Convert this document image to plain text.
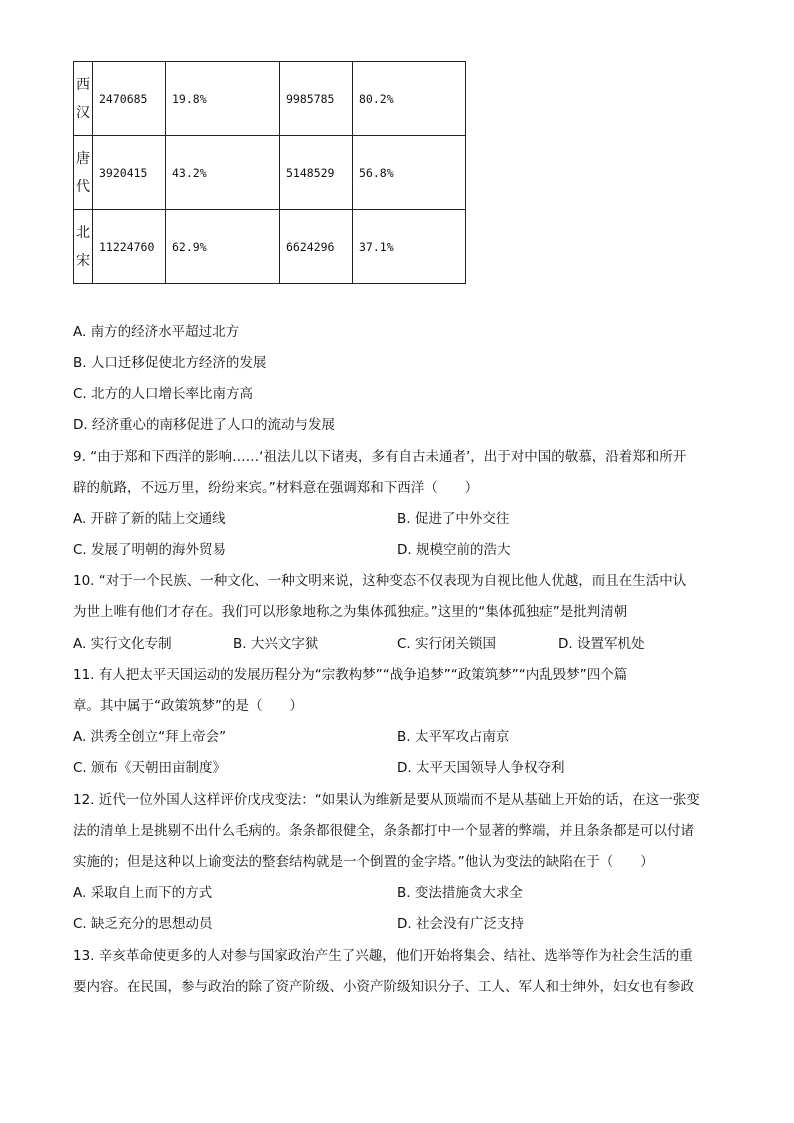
西
汉	2470685	19.8%	9985785	80.2%
唐
代	3920415	43.2%	5148529	56.8%
北
宋	11224760	62.9%	6624296	37.1%
A. 南方的经济水平超过北方
B. 人口迁移促使北方经济的发展
C. 北方的人口增长率比南方高
D. 经济重心的南移促进了人口的流动与发展
9. “由于郑和下西洋的影响……‘祖法儿以下诸夷，多有自古未通者’，出于对中国的敬慕，沿着郑和所开
辟的航路，不远万里，纷纷来宾。”材料意在强调郑和下西洋（　　）
A. 开辟了新的陆上交通线	B. 促进了中外交往
C. 发展了明朝的海外贸易	D. 规模空前的浩大
10. “对于一个民族、一种文化、一种文明来说，这种变态不仅表现为自视比他人优越，而且在生活中认
为世上唯有他们才存在。我们可以形象地称之为集体孤独症。”这里的“集体孤独症”是批判清朝
A. 实行文化专制	B. 大兴文字狱	C. 实行闭关锁国	D. 设置军机处
11. 有人把太平天国运动的发展历程分为“宗教构梦”“战争追梦”“政策筑梦”“内乱毁梦”四个篇
章。其中属于“政策筑梦”的是（　　）
A. 洪秀全创立“拜上帝会”	B. 太平军攻占南京
C. 颁布《天朝田亩制度》	D. 太平天国领导人争权夺利
12. 近代一位外国人这样评价戊戌变法：“如果认为维新是要从顶端而不是从基础上开始的话，在这一张变
法的清单上是挑剔不出什么毛病的。条条都很健全，条条都打中一个显著的弊端，并且条条都是可以付诸
实施的；但是这种以上谕变法的整套结构就是一个倒置的金字塔。”他认为变法的缺陷在于（　　）
A. 采取自上而下的方式	B. 变法措施贪大求全
C. 缺乏充分的思想动员	D. 社会没有广泛支持
13. 辛亥革命使更多的人对参与国家政治产生了兴趣，他们开始将集会、结社、选举等作为社会生活的重
要内容。在民国，参与政治的除了资产阶级、小资产阶级知识分子、工人、军人和士绅外，妇女也有参政
